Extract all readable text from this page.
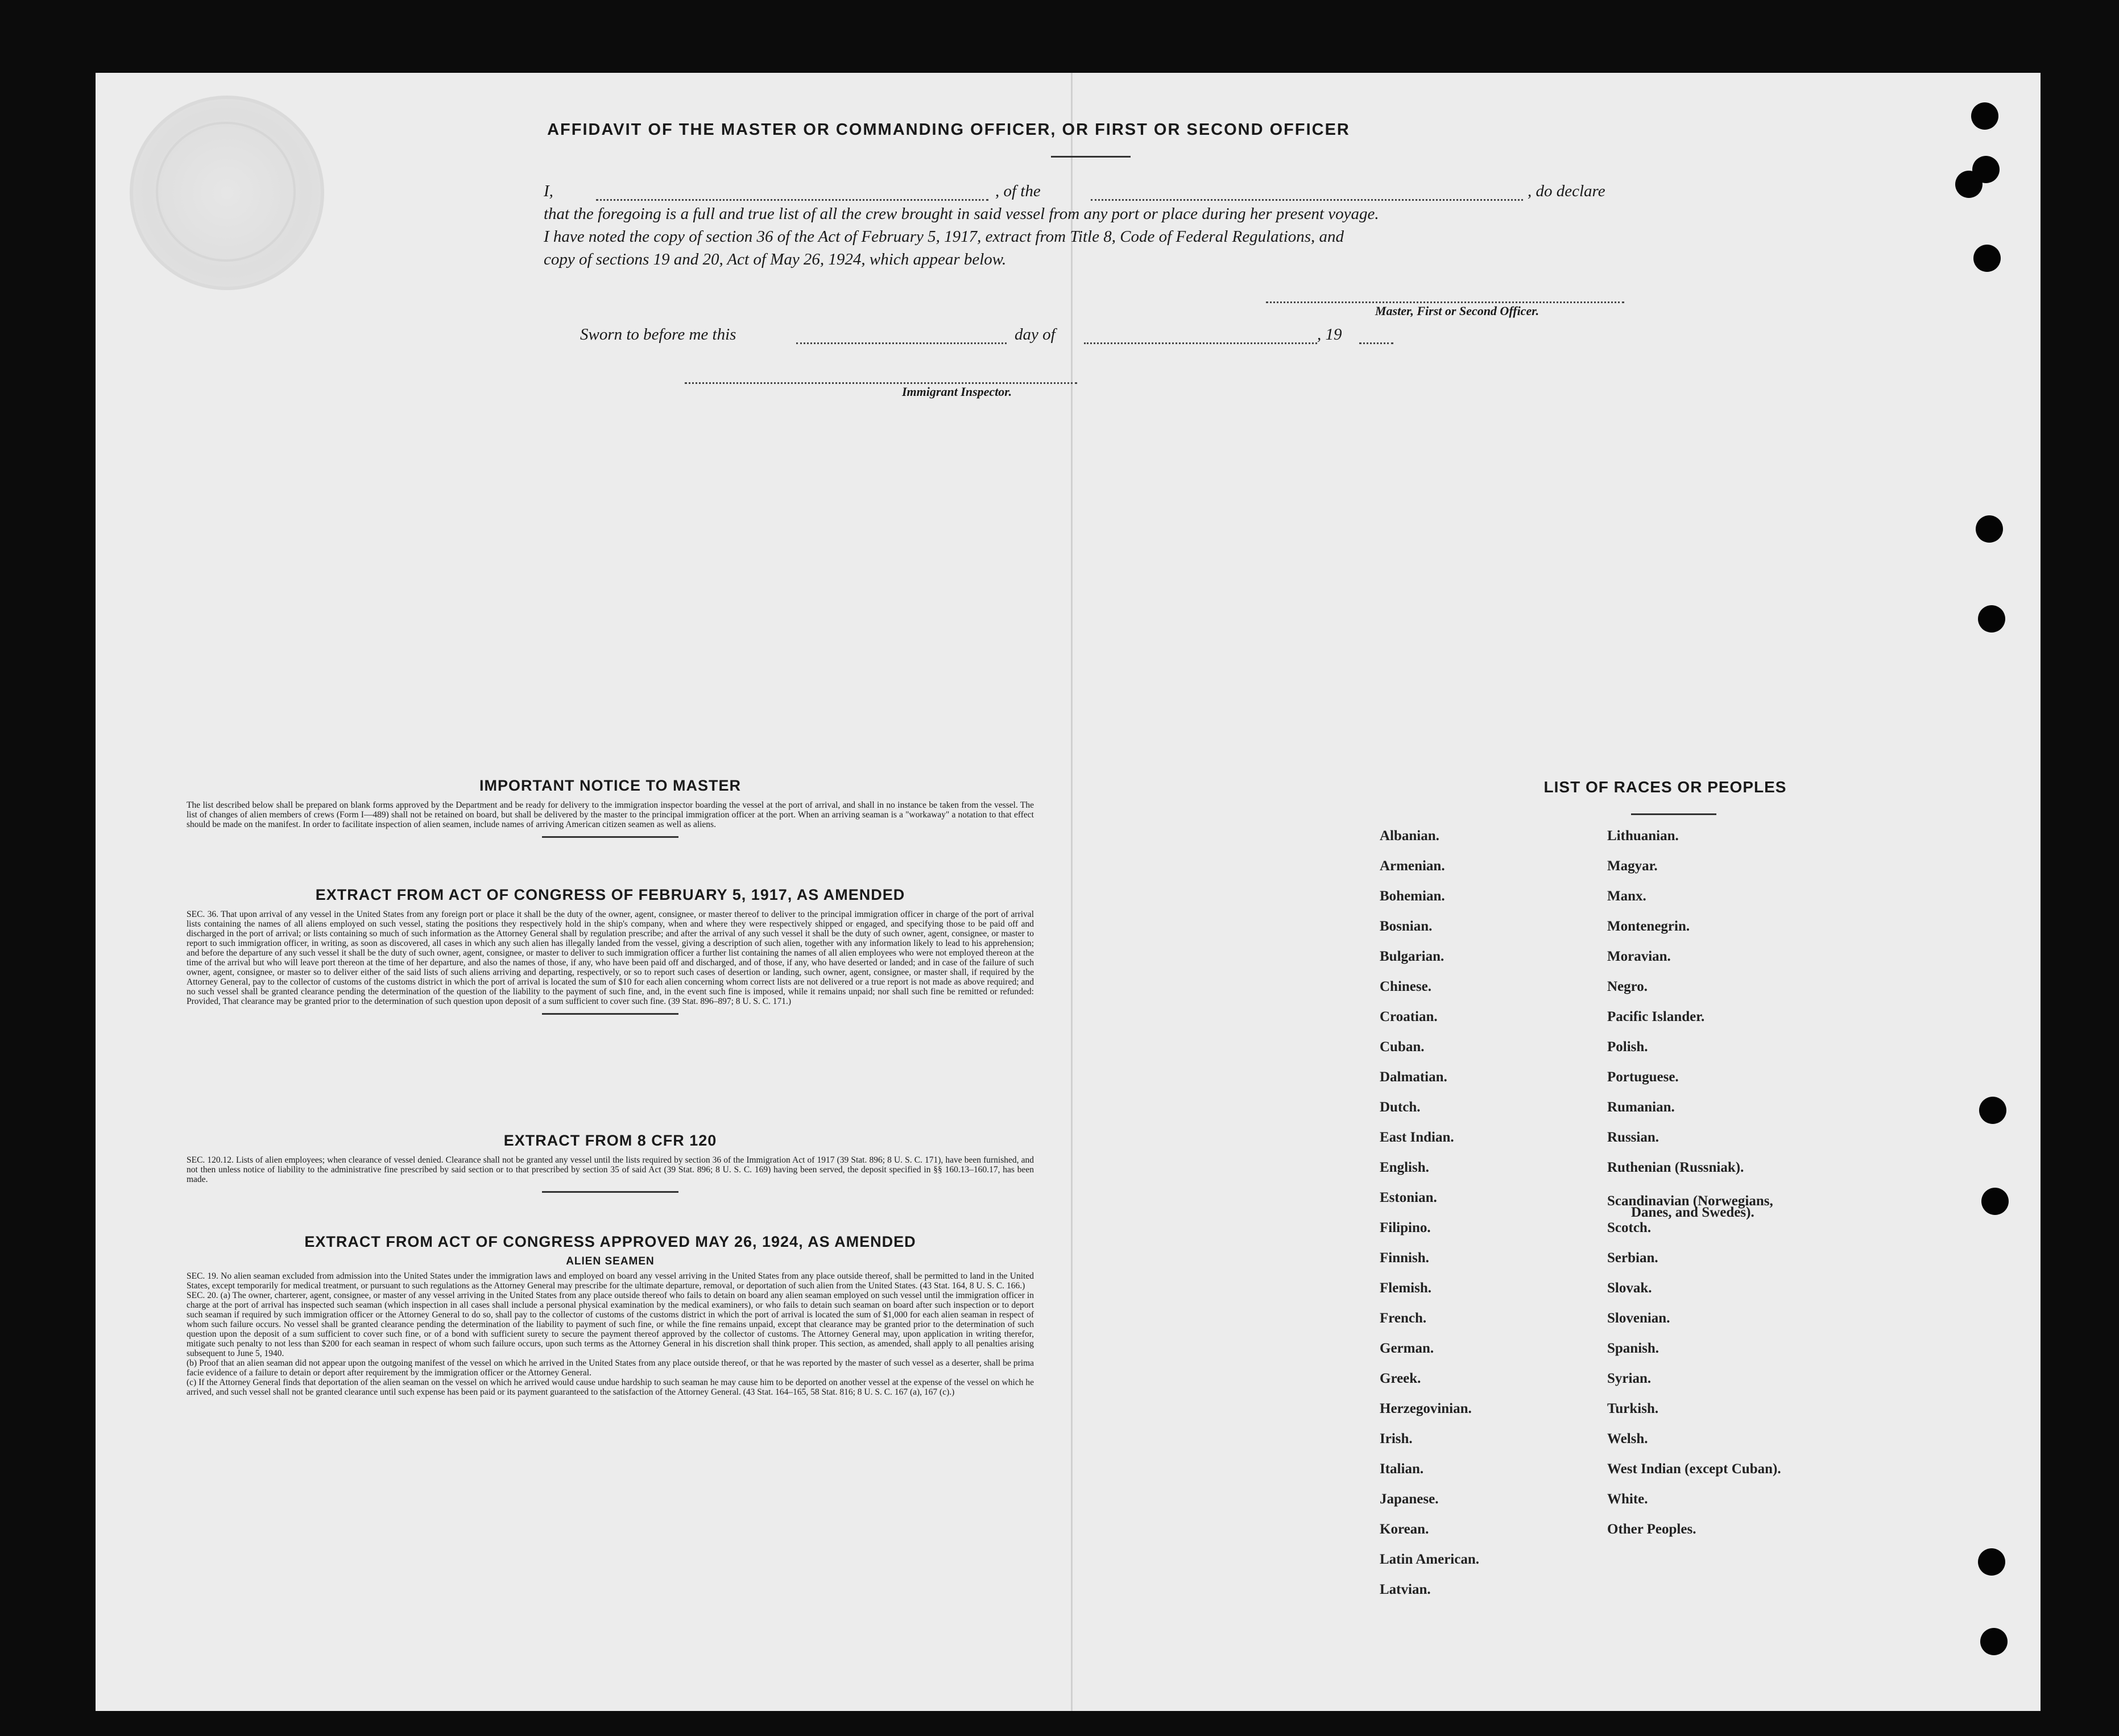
AFFIDAVIT OF THE MASTER OR COMMANDING OFFICER, OR FIRST OR SECOND OFFICER
I,	, of the	, do declare
that the foregoing is a full and true list of all the crew brought in said vessel from any port or place during her present voyage.
I have noted the copy of section 36 of the Act of February 5, 1917, extract from Title 8, Code of Federal Regulations, and
copy of sections 19 and 20, Act of May 26, 1924, which appear below.
Master, First or Second Officer.
Sworn to before me this	day of	, 19
Immigrant Inspector.
IMPORTANT NOTICE TO MASTER

The list described below shall be prepared on blank forms approved by the Department and be ready for delivery to the immigration inspector boarding the vessel at the port of arrival, and shall in no instance be taken from the vessel. The list of changes of alien members of crews (Form I—489) shall not be retained on board, but shall be delivered by the master to the principal immigration officer at the port. When an arriving seaman is a "workaway" a notation to that effect should be made on the manifest. In order to facilitate inspection of alien seamen, include names of arriving American citizen seamen as well as aliens.

EXTRACT FROM ACT OF CONGRESS OF FEBRUARY 5, 1917, AS AMENDED

SEC. 36. That upon arrival of any vessel in the United States from any foreign port or place it shall be the duty of the owner, agent, consignee, or master thereof to deliver to the principal immigration officer in charge of the port of arrival lists containing the names of all aliens employed on such vessel, stating the positions they respectively hold in the ship's company, when and where they were respectively shipped or engaged, and specifying those to be paid off and discharged in the port of arrival; or lists containing so much of such information as the Attorney General shall by regulation prescribe; and after the arrival of any such vessel it shall be the duty of such owner, agent, consignee, or master to report to such immigration officer, in writing, as soon as discovered, all cases in which any such alien has illegally landed from the vessel, giving a description of such alien, together with any information likely to lead to his apprehension; and before the departure of any such vessel it shall be the duty of such owner, agent, consignee, or master to deliver to such immigration officer a further list containing the names of all alien employees who were not employed thereon at the time of the arrival but who will leave port thereon at the time of her departure, and also the names of those, if any, who have been paid off and discharged, and of those, if any, who have deserted or landed; and in case of the failure of such owner, agent, consignee, or master so to deliver either of the said lists of such aliens arriving and departing, respectively, or so to report such cases of desertion or landing, such owner, agent, consignee, or master shall, if required by the Attorney General, pay to the collector of customs of the customs district in which the port of arrival is located the sum of $10 for each alien concerning whom correct lists are not delivered or a true report is not made as above required; and no such vessel shall be granted clearance pending the determination of the question of the liability to the payment of such fine, and, in the event such fine is imposed, while it remains unpaid; nor shall such fine be remitted or refunded: Provided, That clearance may be granted prior to the determination of such question upon deposit of a sum sufficient to cover such fine. (39 Stat. 896–897; 8 U. S. C. 171.)

EXTRACT FROM 8 CFR 120

SEC. 120.12. Lists of alien employees; when clearance of vessel denied. Clearance shall not be granted any vessel until the lists required by section 36 of the Immigration Act of 1917 (39 Stat. 896; 8 U. S. C. 171), have been furnished, and not then unless notice of liability to the administrative fine prescribed by said section or to that prescribed by section 35 of said Act (39 Stat. 896; 8 U. S. C. 169) having been served, the deposit specified in §§ 160.13–160.17, has been made.

EXTRACT FROM ACT OF CONGRESS APPROVED MAY 26, 1924, AS AMENDED
ALIEN SEAMEN

SEC. 19. No alien seaman excluded from admission into the United States under the immigration laws and employed on board any vessel arriving in the United States from any place outside thereof, shall be permitted to land in the United States, except temporarily for medical treatment, or pursuant to such regulations as the Attorney General may prescribe for the ultimate departure, removal, or deportation of such alien from the United States. (43 Stat. 164, 8 U. S. C. 166.)

SEC. 20. (a) The owner, charterer, agent, consignee, or master of any vessel arriving in the United States from any place outside thereof who fails to detain on board any alien seaman employed on such vessel until the immigration officer in charge at the port of arrival has inspected such seaman (which inspection in all cases shall include a personal physical examination by the medical examiners), or who fails to detain such seaman on board after such inspection or to deport such seaman if required by such immigration officer or the Attorney General to do so, shall pay to the collector of customs of the customs district in which the port of arrival is located the sum of $1,000 for each alien seaman in respect of whom such failure occurs. No vessel shall be granted clearance pending the determination of the liability to payment of such fine, or while the fine remains unpaid, except that clearance may be granted prior to the determination of such question upon the deposit of a sum sufficient to cover such fine, or of a bond with sufficient surety to secure the payment thereof approved by the collector of customs. The Attorney General may, upon application in writing therefor, mitigate such penalty to not less than $200 for each seaman in respect of whom such failure occurs, upon such terms as the Attorney General in his discretion shall think proper. This section, as amended, shall apply to all penalties arising subsequent to June 5, 1940.

(b) Proof that an alien seaman did not appear upon the outgoing manifest of the vessel on which he arrived in the United States from any place outside thereof, or that he was reported by the master of such vessel as a deserter, shall be prima facie evidence of a failure to detain or deport after requirement by the immigration officer or the Attorney General.

(c) If the Attorney General finds that deportation of the alien seaman on the vessel on which he arrived would cause undue hardship to such seaman he may cause him to be deported on another vessel at the expense of the vessel on which he arrived, and such vessel shall not be granted clearance until such expense has been paid or its payment guaranteed to the satisfaction of the Attorney General. (43 Stat. 164–165, 58 Stat. 816; 8 U. S. C. 167 (a), 167 (c).)

LIST OF RACES OR PEOPLES
Albanian.
Armenian.
Bohemian.
Bosnian.
Bulgarian.
Chinese.
Croatian.
Cuban.
Dalmatian.
Dutch.
East Indian.
English.
Estonian.
Filipino.
Finnish.
Flemish.
French.
German.
Greek.
Herzegovinian.
Irish.
Italian.
Japanese.
Korean.
Latin American.
Latvian.
Lithuanian.
Magyar.
Manx.
Montenegrin.
Moravian.
Negro.
Pacific Islander.
Polish.
Portuguese.
Rumanian.
Russian.
Ruthenian (Russniak).
Scandinavian (Norwegians,
Danes, and Swedes).
Scotch.
Serbian.
Slovak.
Slovenian.
Spanish.
Syrian.
Turkish.
Welsh.
West Indian (except Cuban).
White.
Other Peoples.
